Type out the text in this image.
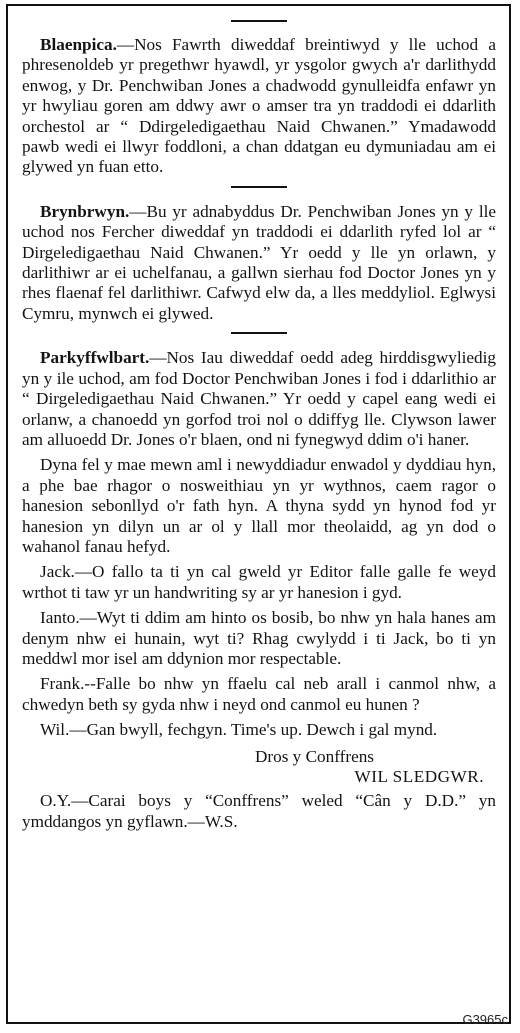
Blaenpica.—Nos Fawrth diweddaf breintiwyd y lle uchod a phresenoldeb yr pregethwr hyawdl, yr ysgolor gwych a'r darlithydd enwog, y Dr. Penchwiban Jones a chadwodd gynulleidfa enfawr yn yr hwyliau goren am ddwy awr o amser tra yn traddodi ei ddarlith orchestol ar “ Ddirgeledigaethau Naid Chwanen.” Ymadawodd pawb wedi ei llwyr foddloni, a chan ddatgan eu dymuniadau am ei glywed yn fuan etto.

Brynbrwyn.—Bu yr adnabyddus Dr. Penchwiban Jones yn y lle uchod nos Fercher diweddaf yn traddodi ei ddarlith ryfed lol ar “ Dirgeledigaethau Naid Chwanen.” Yr oedd y lle yn orlawn, y darlithiwr ar ei uchelfanau, a gallwn sierhau fod Doctor Jones yn y rhes flaenaf fel darlithiwr. Cafwyd elw da, a lles meddyliol. Eglwysi Cymru, mynwch ei glywed.

Parkyffwlbart.—Nos Iau diweddaf oedd adeg hirddisgwyliedig yn y ile uchod, am fod Doctor Penchwiban Jones i fod i ddarlithio ar “ Dirgeledigaethau Naid Chwanen.” Yr oedd y capel eang wedi ei orlanw, a chanoedd yn gorfod troi nol o ddiffyg lle. Clywson lawer am alluoedd Dr. Jones o'r blaen, ond ni fynegwyd ddim o'i haner.

Dyna fel y mae mewn aml i newyddiadur enwadol y dyddiau hyn, a phe bae rhagor o nosweithiau yn yr wythnos, caem ragor o hanesion sebonllyd o'r fath hyn. A thyna sydd yn hynod fod yr hanesion yn dilyn un ar ol y llall mor theolaidd, ag yn dod o wahanol fanau hefyd.

Jack.—O fallo ta ti yn cal gweld yr Editor falle galle fe weyd wrthot ti taw yr un handwriting sy ar yr hanesion i gyd.

Ianto.—Wyt ti ddim am hinto os bosib, bo nhw yn hala hanes am denym nhw ei hunain, wyt ti? Rhag cwylydd i ti Jack, bo ti yn meddwl mor isel am ddynion mor respectable.

Frank.--Falle bo nhw yn ffaelu cal neb arall i canmol nhw, a chwedyn beth sy gyda nhw i neyd ond canmol eu hunen ?

Wil.—Gan bwyll, fechgyn. Time's up. Dewch i gal mynd.

Dros y Conffrens
WIL SLEDGWR.

O.Y.—Carai boys y “Conffrens” weled “Cân y D.D.” yn ymddangos yn gyflawn.—W.S.

G3965c
